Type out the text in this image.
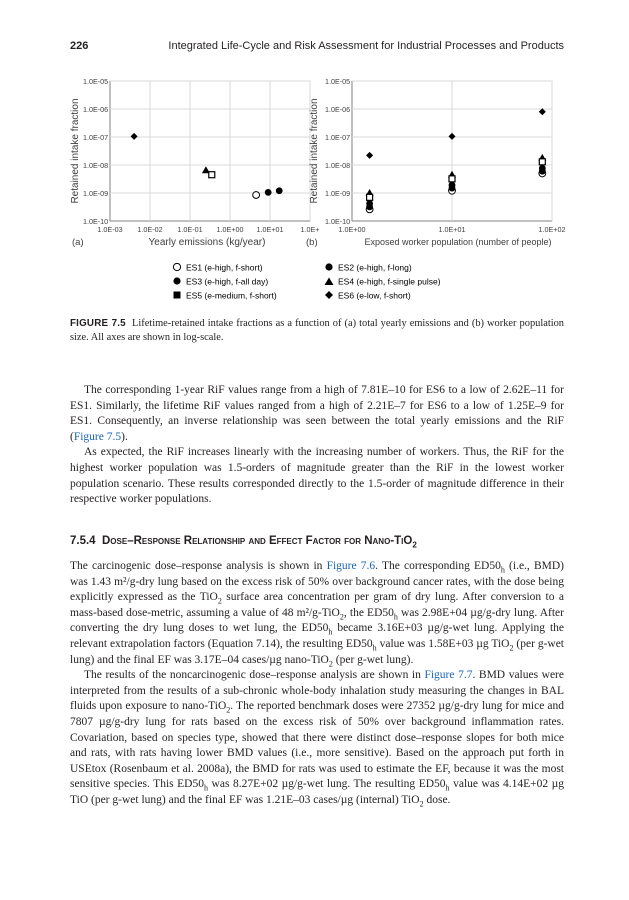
226	Integrated Life-Cycle and Risk Assessment for Industrial Processes and Products
1.0E-10
1.0E-09
1.0E-08
1.0E-07
1.0E-06
1.0E-05
1.0E-03 1.0E-02 1.0E-01 1.0E+00 1.0E+01 1.0E+
Retained intake fraction
Yearly emissions (kg/year)
(a)
1.0E-10
1.0E-09
1.0E-08
1.0E-07
1.0E-06
1.0E-05
1.0E+00	1.0E+01	1.0E+02
Retained intake fraction
Exposed worker population (number of people)
(b)
ES1 (e-high, f-short)	ES2 (e-high, f-long)
ES3 (e-high, f-all day)	ES4 (e-high, f-single pulse)
ES5 (e-medium, f-short)	ES6 (e-low, f-short)
FIGURE 7.5 Lifetime-retained intake fractions as a function of (a) total yearly emissions and (b) worker population size. All axes are shown in log-scale.

The corresponding 1-year RiF values range from a high of 7.81E–10 for ES6 to a low of 2.62E–11 for ES1. Similarly, the lifetime RiF values ranged from a high of 2.21E–7 for ES6 to a low of 1.25E–9 for ES1. Consequently, an inverse relationship was seen between the total yearly emissions and the RiF (Figure 7.5).

As expected, the RiF increases linearly with the increasing number of workers. Thus, the RiF for the highest worker population was 1.5-orders of magnitude greater than the RiF in the lowest worker population scenario. These results corresponded directly to the 1.5-order of magnitude difference in their respective worker populations.

7.5.4 Dose–Response Relationship and Effect Factor for Nano-TiO$_2$

The carcinogenic dose–response analysis is shown in Figure 7.6. The corresponding $ED50_h$ (i.e., BMD) was 1.43 m²/g-dry lung based on the excess risk of 50% over background cancer rates, with the dose being explicitly expressed as the TiO$_2$ surface area concentration per gram of dry lung. After conversion to a mass-based dose-metric, assuming a value of 48 m²/g-TiO$_2$, the $ED50_h$ was 2.98E+04 µg/g-dry lung. After converting the dry lung doses to wet lung, the $ED50_h$ became 3.16E+03 µg/g-wet lung. Applying the relevant extrapolation factors (Equation 7.14), the resulting $ED50_h$ value was 1.58E+03 µg TiO$_2$ (per g-wet lung) and the final EF was 3.17E–04 cases/µg nano-TiO$_2$ (per g-wet lung).

The results of the noncarcinogenic dose–response analysis are shown in Figure 7.7. BMD values were interpreted from the results of a sub-chronic whole-body inhalation study measuring the changes in BAL fluids upon exposure to nano-TiO$_2$. The reported benchmark doses were 27352 µg/g-dry lung for mice and 7807 µg/g-dry lung for rats based on the excess risk of 50% over background inflammation rates. Covariation, based on species type, showed that there were distinct dose–response slopes for both mice and rats, with rats having lower BMD values (i.e., more sensitive). Based on the approach put forth in USEtox (Rosenbaum et al. 2008a), the BMD for rats was used to estimate the EF, because it was the most sensitive species. This $ED50_h$ was 8.27E+02 µg/g-wet lung. The resulting $ED50_h$ value was 4.14E+02 µg TiO (per g-wet lung) and the final EF was 1.21E–03 cases/µg (internal) TiO$_2$ dose.
